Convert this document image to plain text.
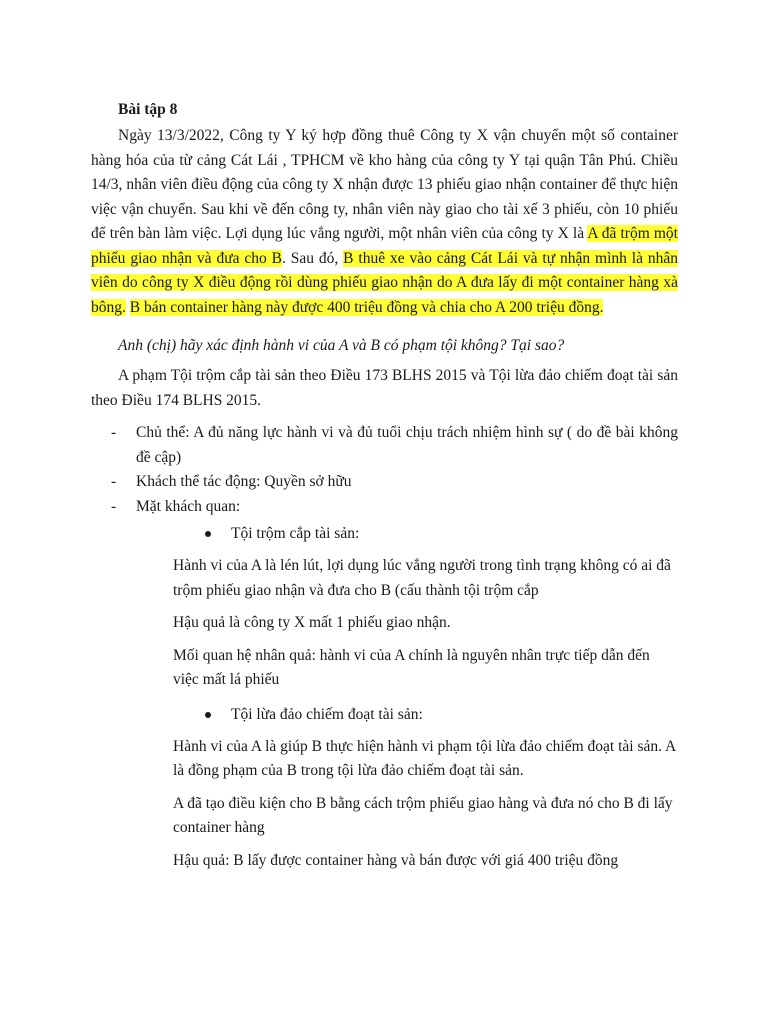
Bài tập 8

Ngày 13/3/2022, Công ty Y ký hợp đồng thuê Công ty X vận chuyển một số container hàng hóa của từ cảng Cát Lái , TPHCM về kho hàng của công ty Y tại quận Tân Phú. Chiều 14/3, nhân viên điều động của công ty X nhận được 13 phiếu giao nhận container để thực hiện việc vận chuyển. Sau khi về đến công ty, nhân viên này giao cho tài xế 3 phiếu, còn 10 phiếu để trên bàn làm việc. Lợi dụng lúc vắng người, một nhân viên của công ty X là A đã trộm một phiếu giao nhận và đưa cho B. Sau đó, B thuê xe vào cảng Cát Lái và tự nhận mình là nhân viên do công ty X điều động rồi dùng phiếu giao nhận do A đưa lấy đi một container hàng xà bông. B bán container hàng này được 400 triệu đồng và chia cho A 200 triệu đồng.

Anh (chị) hãy xác định hành vi của A và B có phạm tội không? Tại sao?

A phạm Tội trộm cắp tài sản theo Điều 173 BLHS 2015 và Tội lừa đảo chiếm đoạt tài sản theo Điều 174 BLHS 2015.

- Chủ thể: A đủ năng lực hành vi và đủ tuổi chịu trách nhiệm hình sự ( do đề bài không đề cập)
- Khách thể tác động: Quyền sở hữu
- Mặt khách quan:
Tội trộm cắp tài sản:

Hành vi của A là lén lút, lợi dụng lúc vắng người trong tình trạng không có ai đã trộm phiếu giao nhận và đưa cho B (cấu thành tội trộm cắp

Hậu quả là công ty X mất 1 phiếu giao nhận.

Mối quan hệ nhân quả: hành vi của A chính là nguyên nhân trực tiếp dẫn đến việc mất lá phiếu

Tội lừa đảo chiếm đoạt tài sản:

Hành vi của A là giúp B thực hiện hành vi phạm tội lừa đảo chiếm đoạt tài sản. A là đồng phạm của B trong tội lừa đảo chiếm đoạt tài sản.

A đã tạo điều kiện cho B bằng cách trộm phiếu giao hàng và đưa nó cho B đi lấy container hàng

Hậu quả: B lấy được container hàng và bán được với giá 400 triệu đồng
